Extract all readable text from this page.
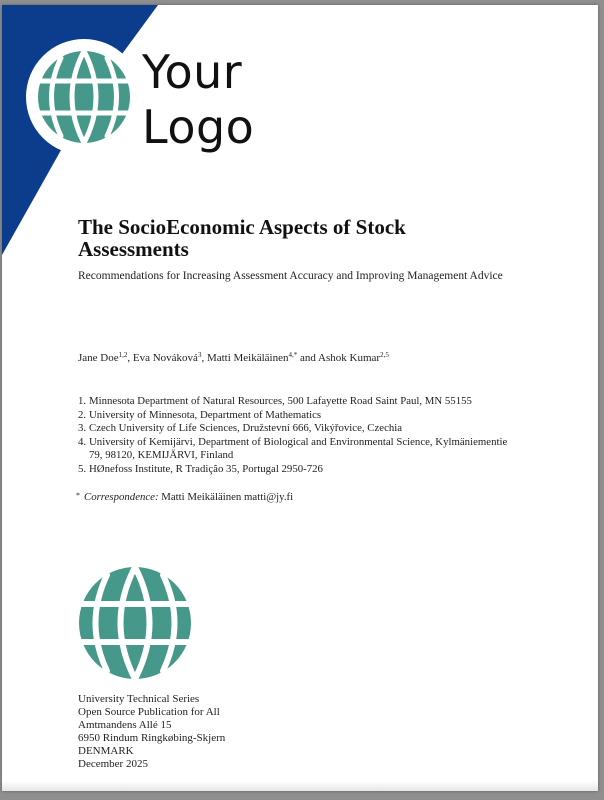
Your
Logo
The SocioEconomic Aspects of Stock Assessments
Recommendations for Increasing Assessment Accuracy and Improving Management Advice
Jane Doe$^{1,2}$, Eva Nováková$^3$, Matti Meikäläinen$^{4,*}$ and Ashok Kumar$^{2,5}$
1. Minnesota Department of Natural Resources, 500 Lafayette Road Saint Paul, MN 55155
2. University of Minnesota, Department of Mathematics
3. Czech University of Life Sciences, Družstevní 666, Vikýřovice, Czechia
4. University of Kemijärvi, Department of Biological and Environmental Science, Kylmäniementie 79, 98120, KEMIJÄRVI, Finland
5. HØnefoss Institute, R Tradição 35, Portugal 2950-726
* Correspondence: Matti Meikäläinen matti@jy.fi
University Technical Series
Open Source Publication for All
Amtmandens Allé 15
6950 Rindum Ringkøbing-Skjern
DENMARK
December 2025
